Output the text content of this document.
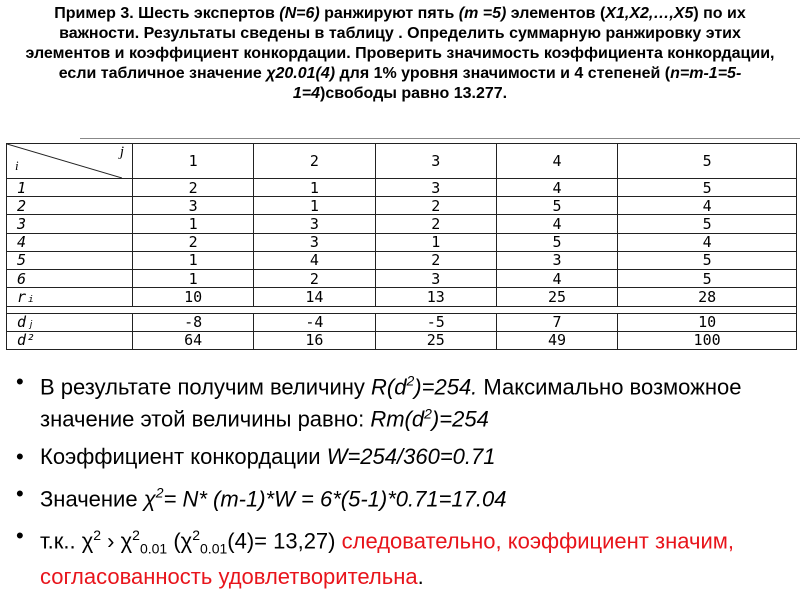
Пример 3. Шесть экспертов (N=6) ранжируют пять (m =5) элементов (X1,X2,…,X5) по их важности. Результаты сведены в таблицу . Определить суммарную ранжировку этих элементов и коэффициент конкордации. Проверить значимость коэффициента конкордации, если табличное значение χ20.01(4) для 1% уровня значимости и 4 степеней (n=m-1=5-1=4)свободы равно 13.277.
j
i	1	2	3	4	5
1	2	1	3	4	5
2	3	1	2	5	4
3	1	3	2	4	5
4	2	3	1	5	4
5	1	4	2	3	5
6	1	2	3	4	5
rᵢ	10	14	13	25	28

dⱼ	-8	-4	-5	7	10
d²	64	16	25	49	100
• В результате получим величину $R(d^2)=254$. Максимально возможное значение этой величины равно: $Rm(d^2)=254$
• Коэффициент конкордации W=254/360=0.71
• Значение $\chi^2= N*$ (m-1)*W = 6*(5-1)*0.71=17.04
• т.к.. $\chi^2$ › $\chi^2_{0.01}$ $(\chi^2_{0.01}(4)= 13,27)$ следовательно, коэффициент значим, согласованность удовлетворительна.
